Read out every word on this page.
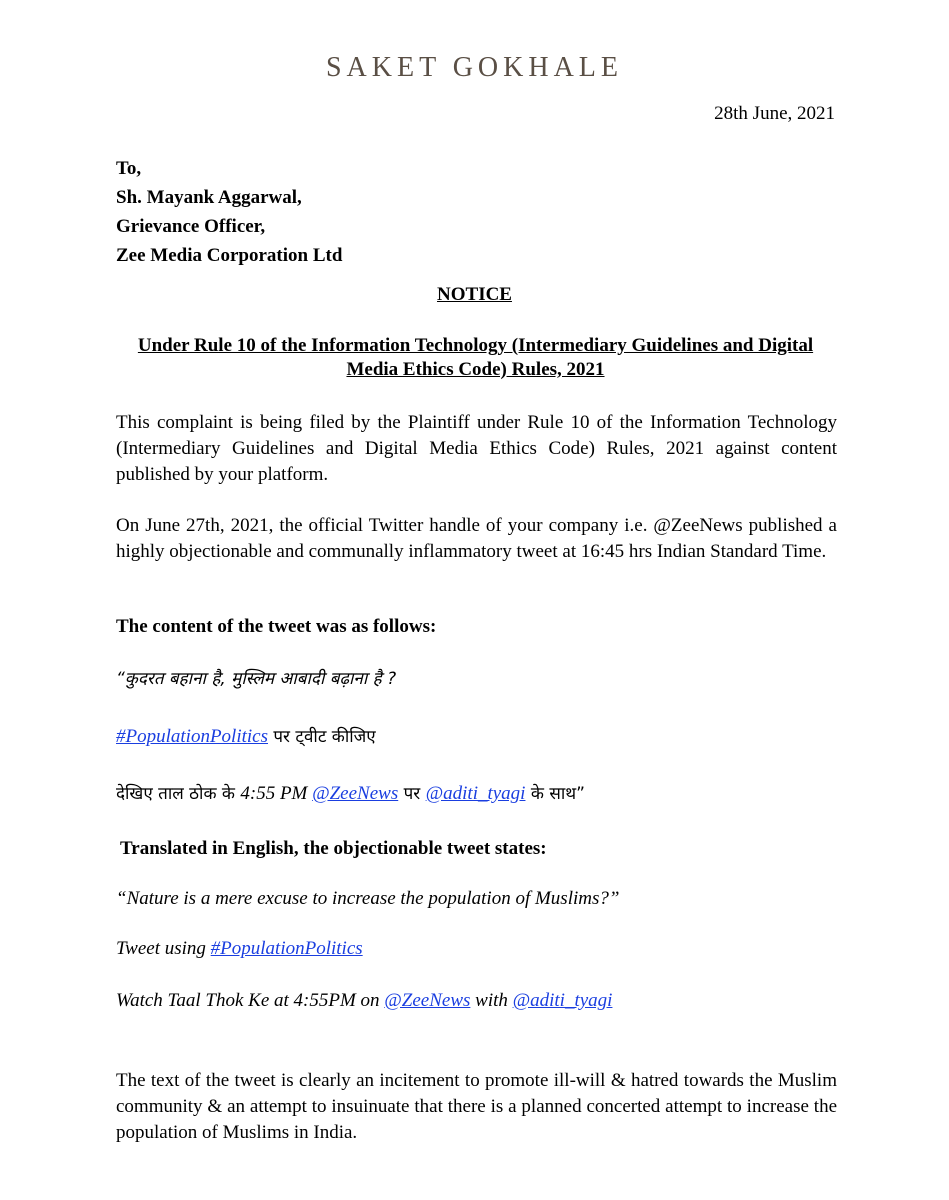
SAKET GOKHALE
28th June, 2021
To,
Sh. Mayank Aggarwal,
Grievance Officer,
Zee Media Corporation Ltd
NOTICE
Under Rule 10 of the Information Technology (Intermediary Guidelines and Digital Media Ethics Code) Rules, 2021
This complaint is being filed by the Plaintiff under Rule 10 of the Information Technology (Intermediary Guidelines and Digital Media Ethics Code) Rules, 2021 against content published by your platform.
On June 27th, 2021, the official Twitter handle of your company i.e. @ZeeNews published a highly objectionable and communally inflammatory tweet at 16:45 hrs Indian Standard Time.
The content of the tweet was as follows:
“कुदरत बहाना है, मुस्लिम आबादी बढ़ाना है ?
#PopulationPolitics पर ट्वीट कीजिए
देखिए ताल ठोक के 4:55 PM @ZeeNews पर @aditi_tyagi के साथ”
Translated in English, the objectionable tweet states:
“Nature is a mere excuse to increase the population of Muslims?”
Tweet using #PopulationPolitics
Watch Taal Thok Ke at 4:55PM on @ZeeNews with @aditi_tyagi
The text of the tweet is clearly an incitement to promote ill-will & hatred towards the Muslim community & an attempt to insuinuate that there is a planned concerted attempt to increase the population of Muslims in India.
